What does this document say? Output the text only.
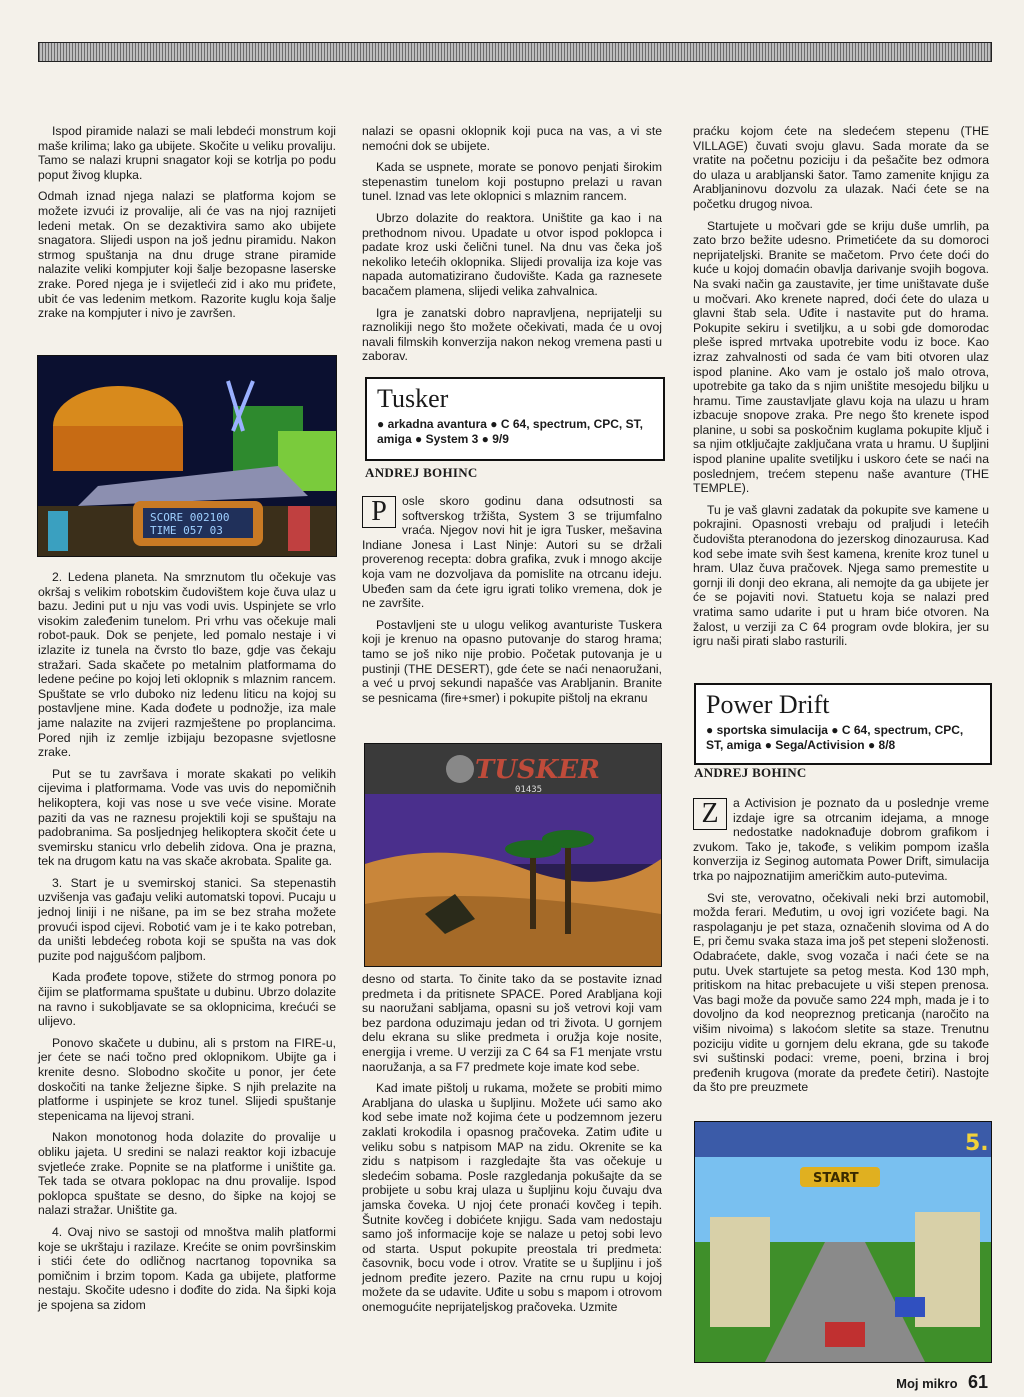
Ispod piramide nalazi se mali lebdeći monstrum koji maše krilima; lako ga ubijete. Skočite u veliku provaliju. Tamo se nalazi krupni snagator koji se kotrlja po podu poput živog klupka.

Odmah iznad njega nalazi se platforma kojom se možete izvući iz provalije, ali će vas na njoj raznijeti ledeni metak. On se dezaktivira samo ako ubijete snagatora. Slijedi uspon na još jednu piramidu. Nakon strmog spuštanja na dnu druge strane piramide nalazite veliki kompjuter koji šalje bezopasne laserske zrake. Pored njega je i svijetleći zid i ako mu priđete, ubit će vas ledenim metkom. Razorite kuglu koja šalje zrake na kompjuter i nivo je završen.

SCORE 002100
TIME 057 03

2. Ledena planeta. Na smrznutom tlu očekuje vas okršaj s velikim robotskim čudovištem koje čuva ulaz u bazu. Jedini put u nju vas vodi uvis. Uspinjete se vrlo visokim zaleđenim tunelom. Pri vrhu vas očekuje mali robot-pauk. Dok se penjete, led pomalo nestaje i vi izlazite iz tunela na čvrsto tlo baze, gdje vas čekaju stražari. Sada skačete po metalnim platformama do ledene pećine po kojoj leti oklopnik s mlaznim rancem. Spuštate se vrlo duboko niz ledenu liticu na kojoj su postavljene mine. Kada dođete u podnožje, iza male jame nalazite na zvijeri razmještene po proplancima. Pored njih iz zemlje izbijaju bezopasne svjetlosne zrake.

Put se tu završava i morate skakati po velikih cijevima i platformama. Vode vas uvis do nepomičnih helikoptera, koji vas nose u sve veće visine. Morate paziti da vas ne raznesu projektili koji se spuštaju na padobranima. Sa posljednjeg helikoptera skočit ćete u svemirsku stanicu vrlo debelih zidova. Ona je prazna, tek na drugom katu na vas skače akrobata. Spalite ga.

3. Start je u svemirskoj stanici. Sa stepenastih uzvišenja vas gađaju veliki automatski topovi. Pucaju u jednoj liniji i ne nišane, pa im se bez straha možete provući ispod cijevi. Robotić vam je i te kako potreban, da uništi lebdećeg robota koji se spušta na vas dok puzite pod najgušćom paljbom.

Kada prođete topove, stižete do strmog ponora po čijim se platformama spuštate u dubinu. Ubrzo dolazite na ravno i sukobljavate se sa oklopnicima, krećući se ulijevo.

Ponovo skačete u dubinu, ali s prstom na FIRE-u, jer ćete se naći točno pred oklopnikom. Ubijte ga i krenite desno. Slobodno skočite u ponor, jer ćete doskočiti na tanke željezne šipke. S njih prelazite na platforme i uspinjete se kroz tunel. Slijedi spuštanje stepenicama na lijevoj strani.

Nakon monotonog hoda dolazite do provalije u obliku jajeta. U sredini se nalazi reaktor koji izbacuje svjetleće zrake. Popnite se na platforme i uništite ga. Tek tada se otvara poklopac na dnu provalije. Ispod poklopca spuštate se desno, do šipke na kojoj se nalazi stražar. Uništite ga.

4. Ovaj nivo se sastoji od mnoštva malih platformi koje se ukrštaju i razilaze. Krećite se onim površinskim i stići ćete do odličnog nacrtanog topovnika sa pomičnim i brzim topom. Kada ga ubijete, platforme nestaju. Skočite udesno i dođite do zida. Na šipki koja je spojena sa zidom

nalazi se opasni oklopnik koji puca na vas, a vi ste nemoćni dok se ubijete.

Kada se uspnete, morate se ponovo penjati širokim stepenastim tunelom koji postupno prelazi u ravan tunel. Iznad vas lete oklopnici s mlaznim rancem.

Ubrzo dolazite do reaktora. Uništite ga kao i na prethodnom nivou. Upadate u otvor ispod poklopca i padate kroz uski čelični tunel. Na dnu vas čeka još nekoliko letećih oklopnika. Slijedi provalija iza koje vas napada automatizirano čudovište. Kada ga raznesete bacačem plamena, slijedi velika zahvalnica.

Igra je zanatski dobro napravljena, neprijatelji su raznolikiji nego što možete očekivati, mada će u ovoj navali filmskih konverzija nakon nekog vremena pasti u zaborav.

Tusker
● arkadna avantura ● C 64, spectrum, CPC, ST, amiga ● System 3 ● 9/9
ANDREJ BOHINC

P	osle skoro godinu dana odsutnosti sa softverskog tržišta, System 3 se trijumfalno vraća. Njegov novi hit je igra Tusker, mešavina Indiane Jonesa i Last Ninje: Autori su se držali proverenog recepta: dobra grafika, zvuk i mnogo akcije koja vam ne dozvoljava da pomislite na otrcanu ideju. Ubeđen sam da ćete igru igrati toliko vremena, dok je ne završite.

Postavljeni ste u ulogu velikog avanturiste Tuskera koji je krenuo na opasno putovanje do starog hrama; tamo se još niko nije probio. Početak putovanja je u pustinji (THE DESERT), gde ćete se naći nenaoružani, a već u prvoj sekundi napašće vas Arabljanin. Branite se pesnicama (fire+smer) i pokupite pištolj na ekranu

TUSKER
01435

desno od starta. To činite tako da se postavite iznad predmeta i da pritisnete SPACE. Pored Arabljana koji su naoružani sabljama, opasni su još vetrovi koji vam bez pardona oduzimaju jedan od tri života. U gornjem delu ekrana su slike predmeta i oružja koje nosite, energija i vreme. U verziji za C 64 sa F1 menjate vrstu naoružanja, a sa F7 predmete koje imate kod sebe.

Kad imate pištolj u rukama, možete se probiti mimo Arabljana do ulaska u šupljinu. Možete ući samo ako kod sebe imate nož kojima ćete u podzemnom jezeru zaklati krokodila i opasnog pračoveka. Zatim uđite u veliku sobu s natpisom MAP na zidu. Okrenite se ka zidu s natpisom i razgledajte šta vas očekuje u sledećim sobama. Posle razgledanja pokušajte da se probijete u sobu kraj ulaza u šupljinu koju čuvaju dva jamska čoveka. U njoj ćete pronaći kovčeg i tepih. Šutnite kovčeg i dobićete knjigu. Sada vam nedostaju samo još informacije koje se nalaze u petoj sobi levo od starta. Usput pokupite preostala tri predmeta: časovnik, bocu vode i otrov. Vratite se u šupljinu i još jednom pređite jezero. Pazite na crnu rupu u kojoj možete da se udavite. Uđite u sobu s mapom i otrovom onemogućite neprijateljskog pračoveka. Uzmite

praćku kojom ćete na sledećem stepenu (THE VILLAGE) čuvati svoju glavu. Sada morate da se vratite na početnu poziciju i da pešačite bez odmora do ulaza u arabljanski šator. Tamo zamenite knjigu za Arabljaninovu dozvolu za ulazak. Naći ćete se na početku drugog nivoa.

Startujete u močvari gde se kriju duše umrlih, pa zato brzo bežite udesno. Primetićete da su domoroci neprijateljski. Branite se mačetom. Prvo ćete doći do kuće u kojoj domaćin obavlja darivanje svojih bogova. Na svaki način ga zaustavite, jer time uništavate duše u močvari. Ako krenete napred, doći ćete do ulaza u glavni štab sela. Uđite i nastavite put do hrama. Pokupite sekiru i svetiljku, a u sobi gde domorodac pleše ispred mrtvaka upotrebite vodu iz boce. Kao izraz zahvalnosti od sada će vam biti otvoren ulaz ispod planine. Ako vam je ostalo još malo otrova, upotrebite ga tako da s njim uništite mesojedu biljku u hramu. Time zaustavljate glavu koja na ulazu u hram izbacuje snopove zraka. Pre nego što krenete ispod planine, u sobi sa poskočnim kuglama pokupite ključ i sa njim otključajte zaključana vrata u hramu. U šupljini ispod planine upalite svetiljku i uskoro ćete se naći na poslednjem, trećem stepenu naše avanture (THE TEMPLE).

Tu je vaš glavni zadatak da pokupite sve kamene u pokrajini. Opasnosti vrebaju od praljudi i letećih čudovišta pteranodona do jezerskog dinozaurusa. Kad kod sebe imate svih šest kamena, krenite kroz tunel u hram. Ulaz čuva pračovek. Njega samo premestite u gornji ili donji deo ekrana, ali nemojte da ga ubijete jer će se pojaviti novi. Statuetu koja se nalazi pred vratima samo udarite i put u hram biće otvoren. Na žalost, u verziji za C 64 program ovde blokira, jer su igru naši pirati slabo rasturili.

Power Drift
● sportska simulacija ● C 64, spectrum, CPC, ST, amiga ● Sega/Activision ● 8/8
ANDREJ BOHINC

Z	a Activision je poznato da u poslednje vreme izdaje igre sa otrcanim idejama, a mnoge nedostatke nadoknađuje dobrom grafikom i zvukom. Tako je, takođe, s velikim pompom izašla konverzija iz Seginog automata Power Drift, simulacija trka po najpoznatijim američkim auto-putevima.

Svi ste, verovatno, očekivali neki brzi automobil, možda ferari. Međutim, u ovoj igri vozićete bagi. Na raspolaganju je pet staza, označenih slovima od A do E, pri čemu svaka staza ima još pet stepeni složenosti. Odabraćete, dakle, svog vozača i naći ćete se na putu. Uvek startujete sa petog mesta. Kod 130 mph, pritiskom na hitac prebacujete u viši stepen prenosa. Vas bagi može da povuče samo 224 mph, mada je i to dovoljno da kod neopreznog preticanja (naročito na višim nivoima) s lakoćom sletite sa staze. Trenutnu poziciju vidite u gornjem delu ekrana, gde su takođe svi suštinski podaci: vreme, poeni, brzina i broj pređenih krugova (morate da pređete četiri). Nastojte da što pre preuzmete

5.
START
Moj mikro 61
